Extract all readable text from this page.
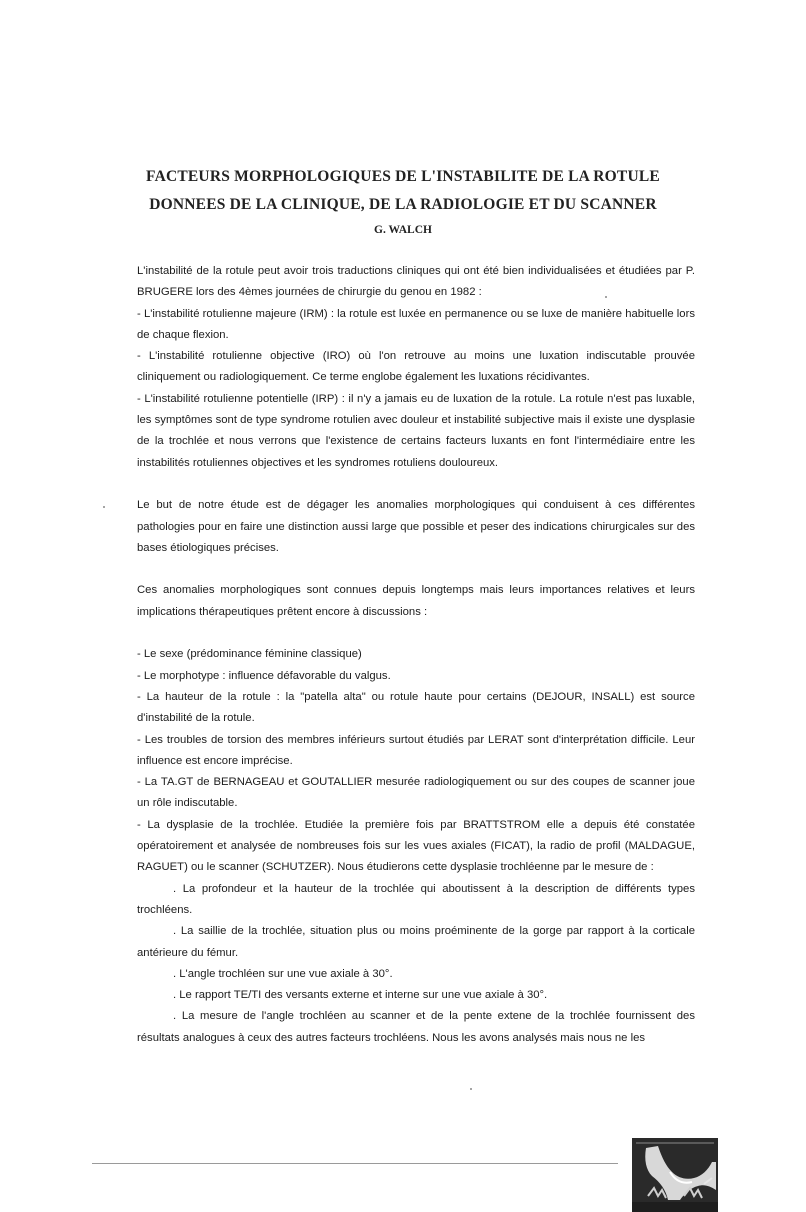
FACTEURS MORPHOLOGIQUES DE L'INSTABILITE DE LA ROTULE
DONNEES DE LA CLINIQUE, DE LA RADIOLOGIE ET DU SCANNER
G. WALCH

L'instabilité de la rotule peut avoir trois traductions cliniques qui ont été bien individualisées et étudiées par P. BRUGERE lors des 4èmes journées de chirurgie du genou en 1982 :

- L'instabilité rotulienne majeure (IRM) : la rotule est luxée en permanence ou se luxe de manière habituelle lors de chaque flexion.

- L'instabilité rotulienne objective (IRO) où l'on retrouve au moins une luxation indiscutable prouvée cliniquement ou radiologiquement. Ce terme englobe également les luxations récidivantes.

- L'instabilité rotulienne potentielle (IRP) : il n'y a jamais eu de luxation de la rotule. La rotule n'est pas luxable, les symptômes sont de type syndrome rotulien avec douleur et instabilité subjective mais il existe une dysplasie de la trochlée et nous verrons que l'existence de certains facteurs luxants en font l'intermédiaire entre les instabilités rotuliennes objectives et les syndromes rotuliens douloureux.

Le but de notre étude est de dégager les anomalies morphologiques qui conduisent à ces différentes pathologies pour en faire une distinction aussi large que possible et peser des indications chirurgicales sur des bases étiologiques précises.

Ces anomalies morphologiques sont connues depuis longtemps mais leurs importances relatives et leurs implications thérapeutiques prêtent encore à discussions :

- Le sexe (prédominance féminine classique)

- Le morphotype : influence défavorable du valgus.

- La hauteur de la rotule : la "patella alta" ou rotule haute pour certains (DEJOUR, INSALL) est source d'instabilité de la rotule.

- Les troubles de torsion des membres inférieurs surtout étudiés par LERAT sont d'interprétation difficile. Leur influence est encore imprécise.

- La TA.GT de BERNAGEAU et GOUTALLIER mesurée radiologiquement ou sur des coupes de scanner joue un rôle indiscutable.

- La dysplasie de la trochlée. Etudiée la première fois par BRATTSTROM elle a depuis été constatée opératoirement et analysée de nombreuses fois sur les vues axiales (FICAT), la radio de profil (MALDAGUE, RAGUET) ou le scanner (SCHUTZER). Nous étudierons cette dysplasie trochléenne par le mesure de :

. La profondeur et la hauteur de la trochlée qui aboutissent à la description de différents types trochléens.

. La saillie de la trochlée, situation plus ou moins proéminente de la gorge par rapport à la corticale antérieure du fémur.

. L'angle trochléen sur une vue axiale à 30°.

. Le rapport TE/TI des versants externe et interne sur une vue axiale à 30°.

. La mesure de l'angle trochléen au scanner et de la pente extene de la trochlée fournissent des résultats analogues à ceux des autres facteurs trochléens. Nous les avons analysés mais nous ne les
